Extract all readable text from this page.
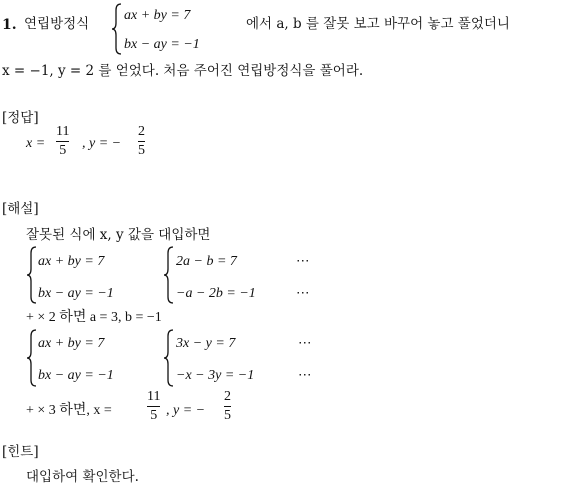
1. 연립방정식
ax + by = 7
bx − ay = −1
에서 a, b 를 잘못 보고 바꾸어 놓고 풀었더니
x = −1, y = 2 를 얻었다. 처음 주어진 연립방정식을 풀어라.
[정답]
x =
11
5 , y = −
2
5
[해설]
잘못된 식에 x, y 값을 대입하면
ax + by = 7
bx − ay = −1
2a − b = 7
−a − 2b = −1
⋯
⋯
+ × 2 하면 a = 3, b = −1
ax + by = 7
bx − ay = −1
3x − y = 7
−x − 3y = −1
⋯
⋯
+ × 3 하면, x =
11
5 , y = −
2
5
[힌트]
대입하여 확인한다.
